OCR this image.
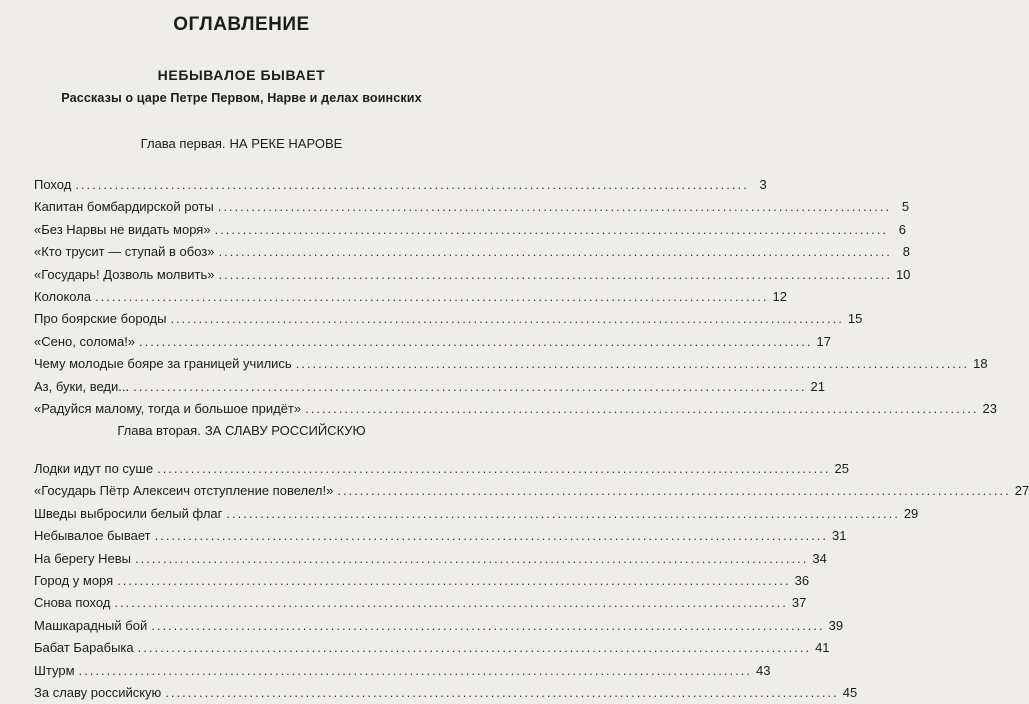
ОГЛАВЛЕНИЕ
НЕБЫВАЛОЕ БЫВАЕТ
Рассказы о царе Петре Первом, Нарве и делах воинских
Глава первая. НА РЕКЕ НАРОВЕ
Поход ........................................................................................................................ 3
Капитан бомбардирской роты ........................................................................................................................ 5
«Без Нарвы не видать моря» ........................................................................................................................ 6
«Кто трусит — ступай в обоз» ........................................................................................................................ 8
«Государь! Дозволь молвить» ........................................................................................................................ 10
Колокола ........................................................................................................................ 12
Про боярские бороды ........................................................................................................................ 15
«Сено, солома!» ........................................................................................................................ 17
Чему молодые бояре за границей учились ........................................................................................................................ 18
Аз, буки, веди... ........................................................................................................................ 21
«Радуйся малому, тогда и большое придёт» ........................................................................................................................ 23
Глава вторая. ЗА СЛАВУ РОССИЙСКУЮ
Лодки идут по суше ........................................................................................................................ 25
«Государь Пётр Алексеич отступление повелел!» ........................................................................................................................ 27
Шведы выбросили белый флаг ........................................................................................................................ 29
Небывалое бывает ........................................................................................................................ 31
На берегу Невы ........................................................................................................................ 34
Город у моря ........................................................................................................................ 36
Снова поход ........................................................................................................................ 37
Машкарадный бой ........................................................................................................................ 39
Бабат Барабыка ........................................................................................................................ 41
Штурм ........................................................................................................................ 43
За славу российскую ........................................................................................................................ 45
